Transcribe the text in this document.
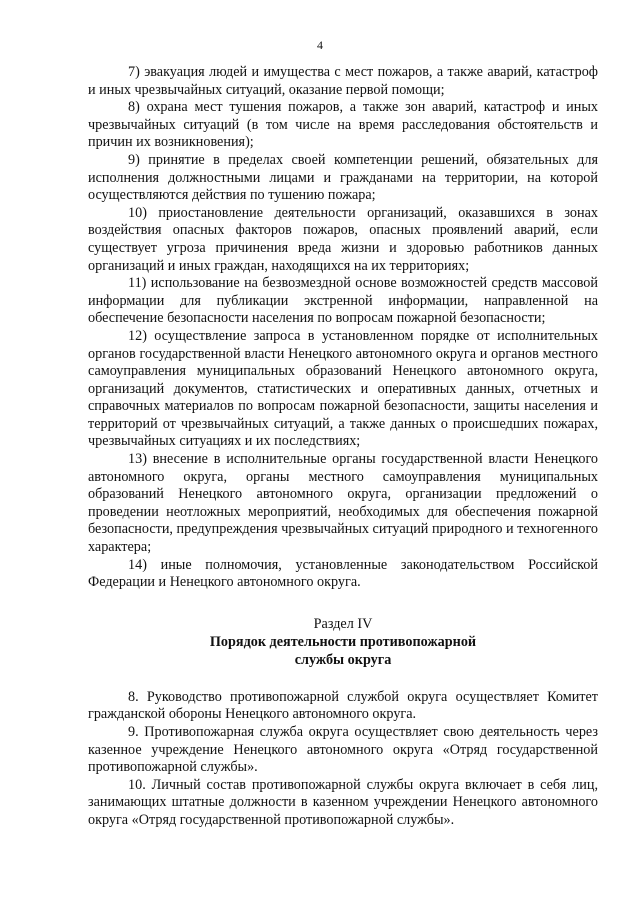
4

7) эвакуация людей и имущества с мест пожаров, а также аварий, катастроф и иных чрезвычайных ситуаций, оказание первой помощи;

8) охрана мест тушения пожаров, а также зон аварий, катастроф и иных чрезвычайных ситуаций (в том числе на время расследования обстоятельств и причин их возникновения);

9) принятие в пределах своей компетенции решений, обязательных для исполнения должностными лицами и гражданами на территории, на которой осуществляются действия по тушению пожара;

10) приостановление деятельности организаций, оказавшихся в зонах воздействия опасных факторов пожаров, опасных проявлений аварий, если существует угроза причинения вреда жизни и здоровью работников данных организаций и иных граждан, находящихся на их территориях;

11) использование на безвозмездной основе возможностей средств массовой информации для публикации экстренной информации, направленной на обеспечение безопасности населения по вопросам пожарной безопасности;

12) осуществление запроса в установленном порядке от исполнительных органов государственной власти Ненецкого автономного округа и органов местного самоуправления муниципальных образований Ненецкого автономного округа, организаций документов, статистических и оперативных данных, отчетных и справочных материалов по вопросам пожарной безопасности, защиты населения и территорий от чрезвычайных ситуаций, а также данных о происшедших пожарах, чрезвычайных ситуациях и их последствиях;

13) внесение в исполнительные органы государственной власти Ненецкого автономного округа, органы местного самоуправления муниципальных образований Ненецкого автономного округа, организации предложений о проведении неотложных мероприятий, необходимых для обеспечения пожарной безопасности, предупреждения чрезвычайных ситуаций природного и техногенного характера;

14) иные полномочия, установленные законодательством Российской Федерации и Ненецкого автономного округа.

Раздел IV
Порядок деятельности противопожарной
службы округа

8. Руководство противопожарной службой округа осуществляет Комитет гражданской обороны Ненецкого автономного округа.

9. Противопожарная служба округа осуществляет свою деятельность через казенное учреждение Ненецкого автономного округа «Отряд государственной противопожарной службы».

10. Личный состав противопожарной службы округа включает в себя лиц, занимающих штатные должности в казенном учреждении Ненецкого автономного округа «Отряд государственной противопожарной службы».
